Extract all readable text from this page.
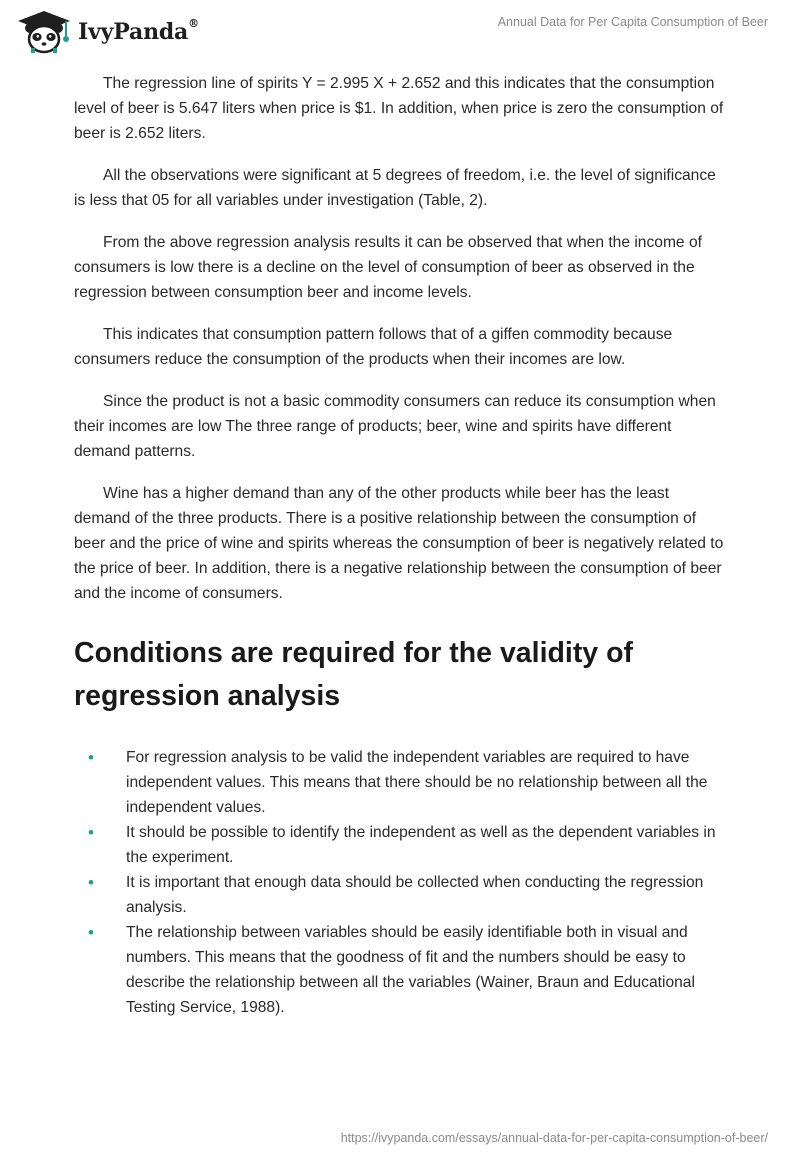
IvyPanda®	Annual Data for Per Capita Consumption of Beer

The regression line of spirits Y = 2.995 X + 2.652 and this indicates that the consumption level of beer is 5.647 liters when price is $1. In addition, when price is zero the consumption of beer is 2.652 liters.

All the observations were significant at 5 degrees of freedom, i.e. the level of significance is less that 05 for all variables under investigation (Table, 2).

From the above regression analysis results it can be observed that when the income of consumers is low there is a decline on the level of consumption of beer as observed in the regression between consumption beer and income levels.

This indicates that consumption pattern follows that of a giffen commodity because consumers reduce the consumption of the products when their incomes are low.

Since the product is not a basic commodity consumers can reduce its consumption when their incomes are low The three range of products; beer, wine and spirits have different demand patterns.

Wine has a higher demand than any of the other products while beer has the least demand of the three products. There is a positive relationship between the consumption of beer and the price of wine and spirits whereas the consumption of beer is negatively related to the price of beer. In addition, there is a negative relationship between the consumption of beer and the income of consumers.

Conditions are required for the validity of regression analysis
• For regression analysis to be valid the independent variables are required to have independent values. This means that there should be no relationship between all the independent values.
• It should be possible to identify the independent as well as the dependent variables in the experiment.
• It is important that enough data should be collected when conducting the regression analysis.
• The relationship between variables should be easily identifiable both in visual and numbers. This means that the goodness of fit and the numbers should be easy to describe the relationship between all the variables (Wainer, Braun and Educational Testing Service, 1988).
https://ivypanda.com/essays/annual-data-for-per-capita-consumption-of-beer/
